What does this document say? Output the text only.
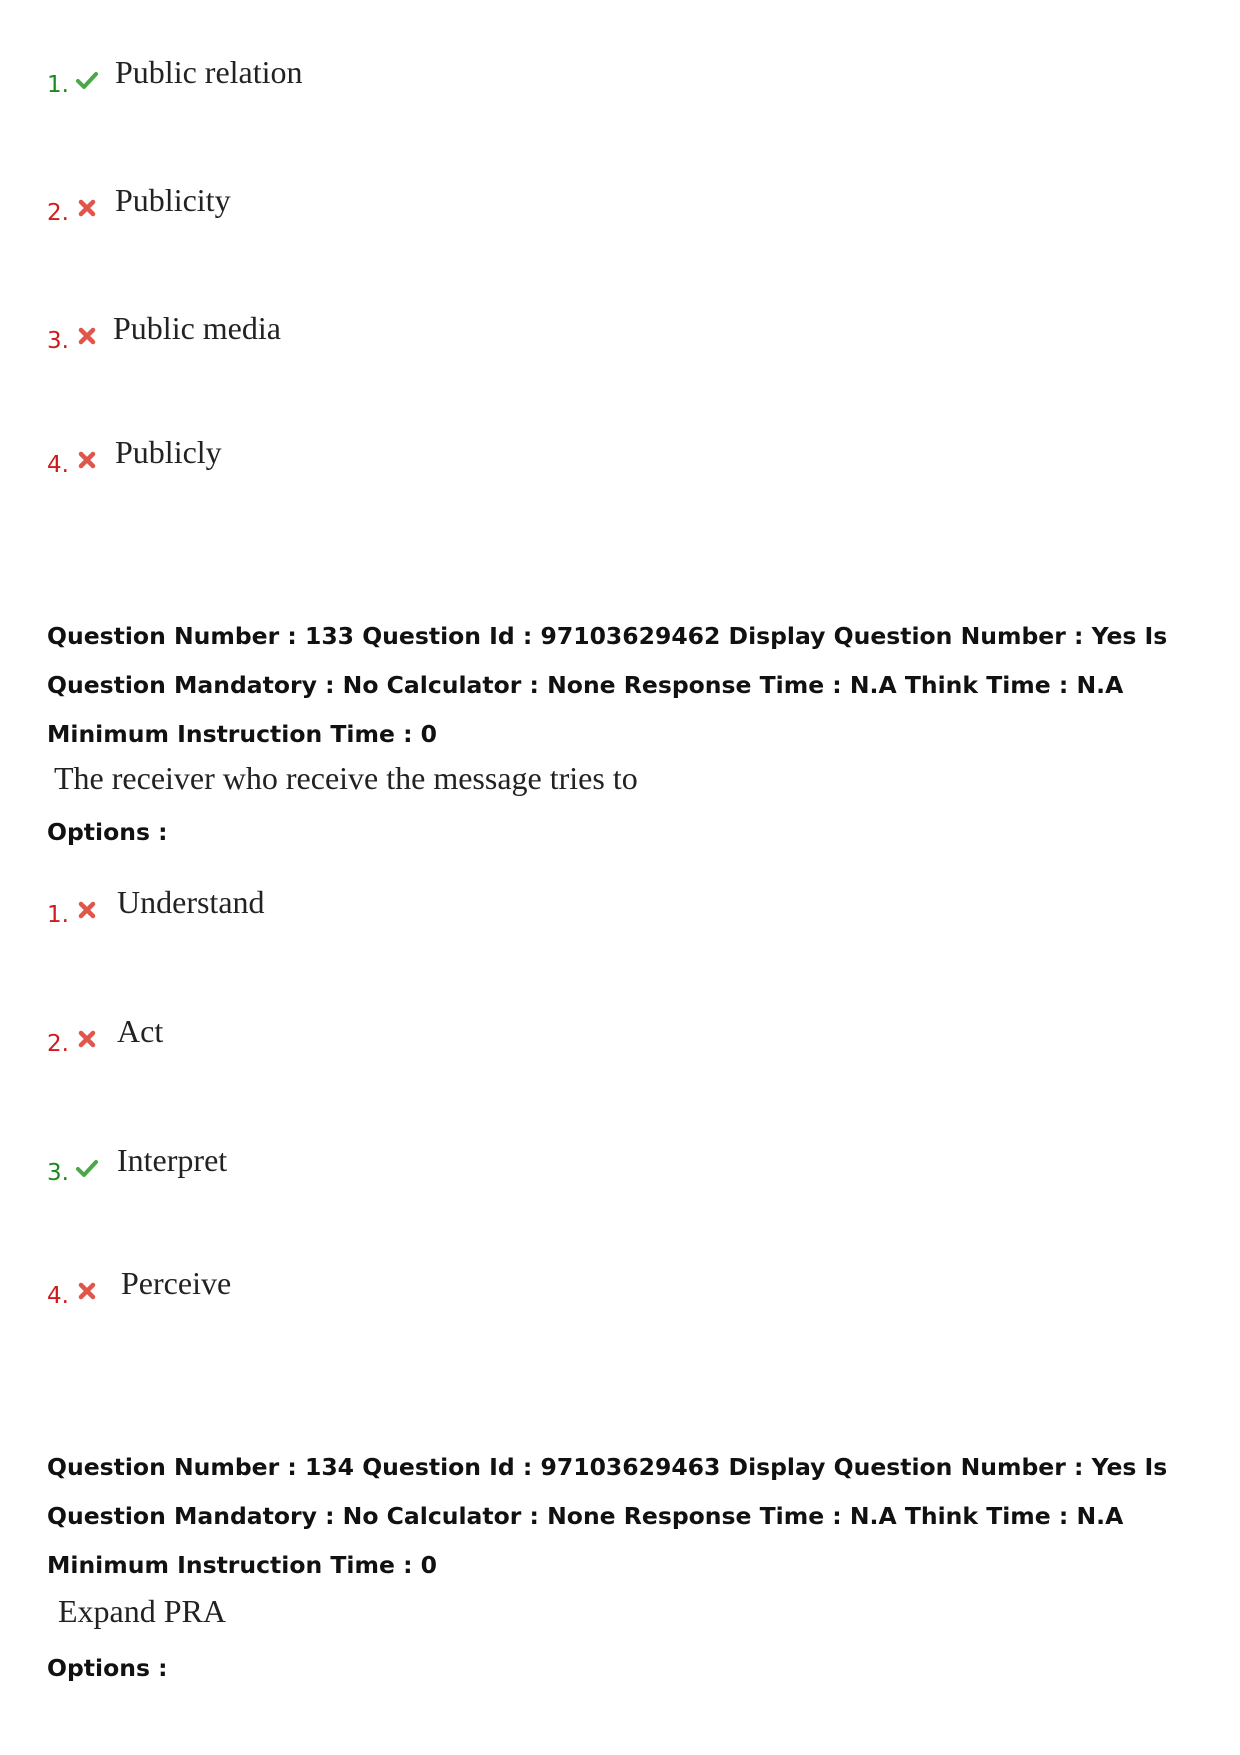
1. Public relation
2. Publicity
3. Public media
4. Publicly
Question Number : 133 Question Id : 97103629462 Display Question Number : Yes Is Question Mandatory : No Calculator : None Response Time : N.A Think Time : N.A Minimum Instruction Time : 0
The receiver who receive the message tries to
Options :
1. Understand
2. Act
3. Interpret
4. Perceive
Question Number : 134 Question Id : 97103629463 Display Question Number : Yes Is Question Mandatory : No Calculator : None Response Time : N.A Think Time : N.A Minimum Instruction Time : 0
Expand PRA
Options :
